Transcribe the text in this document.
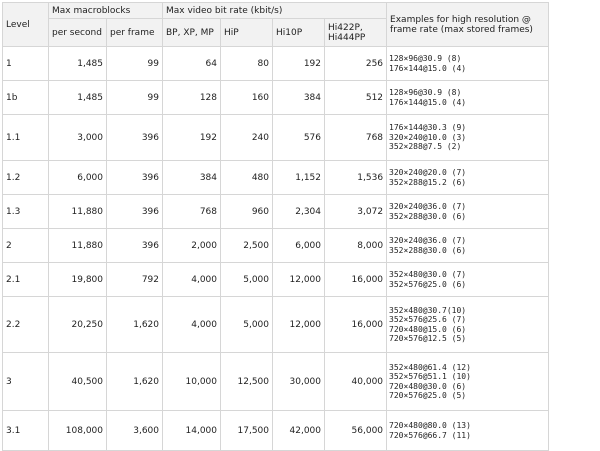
Level	Max macroblocks		Max video bit rate (kbit/s)				Examples for high resolution @ frame rate (max stored frames)
	per second	per frame	BP, XP, MP	HiP	Hi10P	Hi422P, Hi444PP	
1	1,485	99	64	80	192	256	128×96@30.9 (8)
176×144@15.0 (4)

1b	1,485	99	128	160	384	512	128×96@30.9 (8)
176×144@15.0 (4)

1.1	3,000	396	192	240	576	768	176×144@30.3 (9)
320×240@10.0 (3)
352×288@7.5 (2)

1.2	6,000	396	384	480	1,152	1,536	320×240@20.0 (7)
352×288@15.2 (6)

1.3	11,880	396	768	960	2,304	3,072	320×240@36.0 (7)
352×288@30.0 (6)

2	11,880	396	2,000	2,500	6,000	8,000	320×240@36.0 (7)
352×288@30.0 (6)

2.1	19,800	792	4,000	5,000	12,000	16,000	352×480@30.0 (7)
352×576@25.0 (6)

2.2	20,250	1,620	4,000	5,000	12,000	16,000	352×480@30.7(10)
352×576@25.6 (7)
720×480@15.0 (6)
720×576@12.5 (5)

3	40,500	1,620	10,000	12,500	30,000	40,000	352×480@61.4 (12)
352×576@51.1 (10)
720×480@30.0 (6)
720×576@25.0 (5)

3.1	108,000	3,600	14,000	17,500	42,000	56,000	720×480@80.0 (13)
720×576@66.7 (11)
